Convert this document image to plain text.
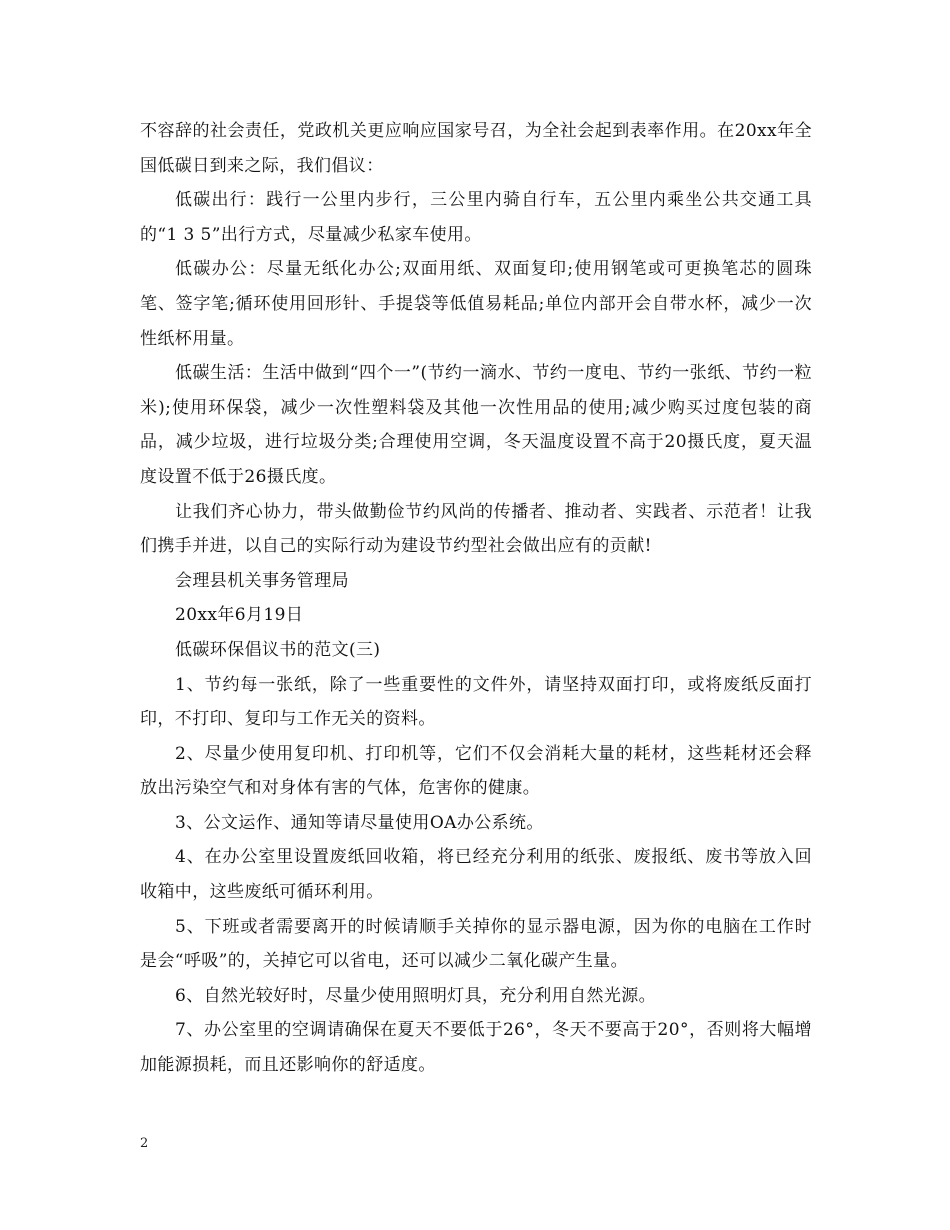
不容辞的社会责任，党政机关更应响应国家号召，为全社会起到表率作用。在20xx年全国低碳日到来之际，我们倡议：

低碳出行：践行一公里内步行，三公里内骑自行车，五公里内乘坐公共交通工具的“1 3 5”出行方式，尽量减少私家车使用。

低碳办公：尽量无纸化办公;双面用纸、双面复印;使用钢笔或可更换笔芯的圆珠笔、签字笔;循环使用回形针、手提袋等低值易耗品;单位内部开会自带水杯，减少一次性纸杯用量。

低碳生活：生活中做到“四个一”(节约一滴水、节约一度电、节约一张纸、节约一粒米);使用环保袋，减少一次性塑料袋及其他一次性用品的使用;减少购买过度包装的商品，减少垃圾，进行垃圾分类;合理使用空调，冬天温度设置不高于20摄氏度，夏天温度设置不低于26摄氏度。

让我们齐心协力，带头做勤俭节约风尚的传播者、推动者、实践者、示范者！让我们携手并进，以自己的实际行动为建设节约型社会做出应有的贡献!

会理县机关事务管理局

20xx年6月19日

低碳环保倡议书的范文(三)

1、节约每一张纸，除了一些重要性的文件外，请坚持双面打印，或将废纸反面打印，不打印、复印与工作无关的资料。

2、尽量少使用复印机、打印机等，它们不仅会消耗大量的耗材，这些耗材还会释放出污染空气和对身体有害的气体，危害你的健康。

3、公文运作、通知等请尽量使用OA办公系统。

4、在办公室里设置废纸回收箱，将已经充分利用的纸张、废报纸、废书等放入回收箱中，这些废纸可循环利用。

5、下班或者需要离开的时候请顺手关掉你的显示器电源，因为你的电脑在工作时是会“呼吸”的，关掉它可以省电，还可以减少二氧化碳产生量。

6、自然光较好时，尽量少使用照明灯具，充分利用自然光源。

7、办公室里的空调请确保在夏天不要低于26°，冬天不要高于20°，否则将大幅增加能源损耗，而且还影响你的舒适度。

2
